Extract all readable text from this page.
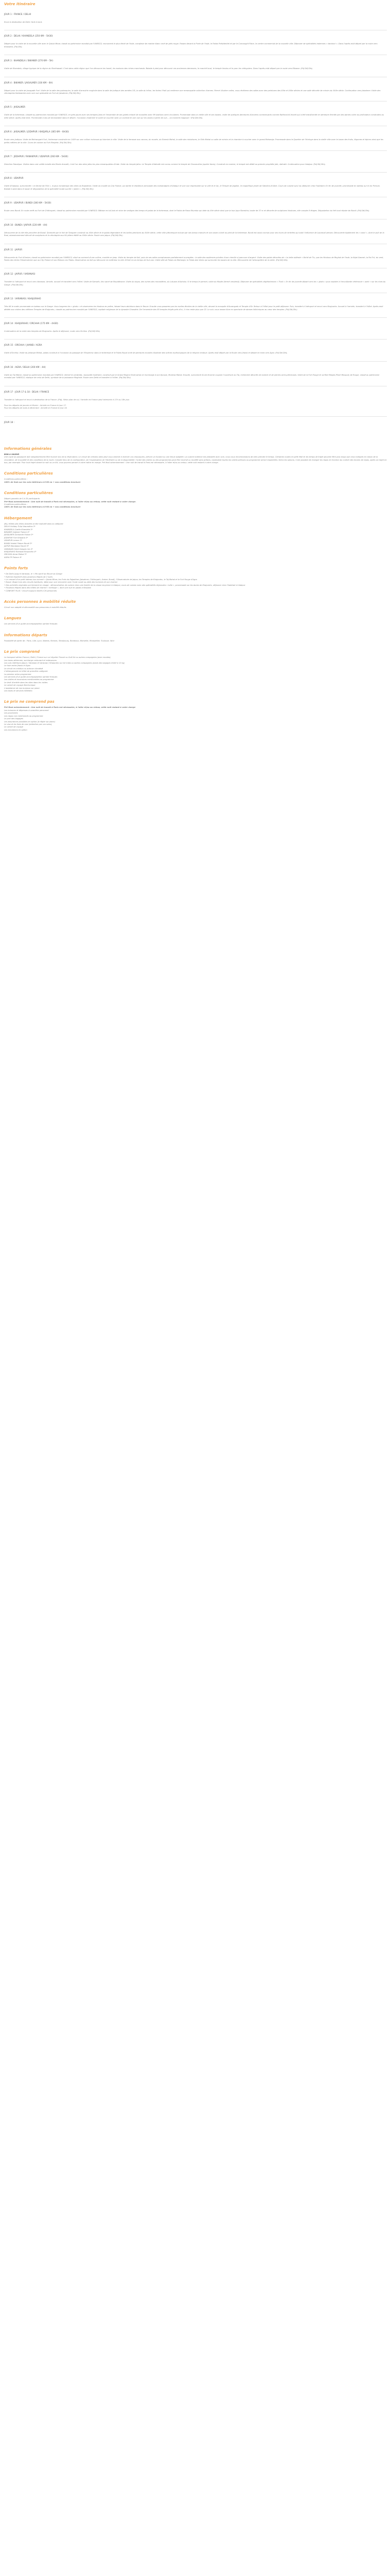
Votre itinéraire
JOUR 1 : FRANCE / DELHI

Envol à destination de Delhi. Nuit à bord.

JOUR 2 : DELHI / KHANDELA (250 KM – 5H30)

Départ pour la visite de la nouvelle ville avec le Qutub Minar, classé au patrimoine mondial par l'UNESCO, monument le plus élevé de l'Inde, complexe de marbre blanc orné de grès rouge. Passez devant la Porte de l'Inde, le Palais Présidentiel et par le Connaught Place, le centre commercial de la nouvelle ville. Déjeuner de spécialités indiennes « tandoori ». Dans l'après-midi départ par la route vers Khandela. (Pdj Dîn).

JOUR 3 : KHANDELA / BIKANER (270 KM – 5H)

Visite de Khandela, village typique de la région du Shekhawati. C'est dans cette région que l'on découvre les haveli, les maisons des riches marchands. Balade à pied pour découvrir ces anciennes demeures, le marché local, le temple hindou et le parc les chéoguiers. Dans l'après-midi départ par la route vers Bikaner. (Pdj Déj Dîn).

JOUR 4 : BIKANER / JAISALMER (330 KM – 6H)

Départ pour la visite de Junagadh Fort. Visite de la salle des palanquins, la salle d'armoirie moghole dans la salle de Jodhpuri des armées 1SI, la salle du trône, les fortes l'Hall qui renferme une remarquable collection d'armes. Pierre! illustrer celles, vous révèlerez des salles avec des peintures des XVIe et XVIIe siècles et une salle décorée de miroirs du XVIIe siècle. Continuation vers Jaisalmer. Visite des cénotaphes Kalabambe avec une vue splendide du Fort de Jaisalmer. (Pdj Déj Dîn).

JOUR 5 : JAISALMER

Visite de la forteresse, classée au patrimoine mondial par l'UNESCO, en grès jaune avec ses temples Jains et l'ensemble de ses galets enlacé de murailles avec 99 bastions semi circulaires. Promenade dans la vieille ville et ses bazars, visite de quelques demeures d'anciens commerçants comme Nathmal-Ki-Haveli qui a été transformée en demeure fermée par des dames votre au profondeur construites au XIXe siècle. Après-midi libre. Promenade à dos de dromadaire dans le désert. l'occasion d'admirer le soleil se coucher avec un cocktail et une vue sur les dunes à perte de vue… un moment magique ! (Pdj Déj Dîn).

JOUR 6 : JAISALMER / JODHPUR / KHEJARLA (365 KM – 6H30)

Route vers Jodhpur. Visite de Mehrangarh Fort, forteresse construite en 1459 sur une colline rocheuse qui domine la ville. Visite de la terrasse aux canons, du musée, du Sheesh Mahal, la salle des miniatures, le Shih Mahal ou salle de miroirs et la chambre à coucher avec le grand Maharaja. Promenade dans le Quartier de l'Horloge dans la vieille ville avec le bazar des fruits, légumes et épices ainsi que les petits métiers de la ville. Cours de cuisine au Fort Khejarla. (Pdj Déj Dîn).

JOUR 7 : JODHPUR / RANAKPUR / UDAIPUR (260 KM – 5H30)

Direction Ranakpur. Visitez dans une vallée boisée des Monts Aravalli, c'est l'un des sites jaïns les plus remarquables d'Inde. Visite du temple Jaïns. Le Temple d'Adinath est connu comme le temple de Chaumukha (quatre faces). Construit en marbre, le temple est dédié au premier prophète Jaïn, Adinath. Continuation pour Udaipur. (Pdj Déj Dîn).

JOUR 8 : UDAIPUR

Visite d'Udaipur, surnommée « la Venise de l'Est », la plus romantique des villes du Rajasthan. Visite du musée du City Palace, qui abrite le résidence principale des maharadjahs d'Udaipur et une vue imprenable sur la ville et le lac, le Temple de Jagdish, le magnifique jardin de Sahelion-Ki-Bari. Cours de cuisine suivi du déjeuner chez l'habitant. En fin de journée, promenade en bateau sur le lac Pichola. Balade à pied dans le bazar et dégustation de la spécialité locale sucrée « Jalebi ». (Pdj Déj Dîn).

JOUR 9 : UDAIPUR / BUNDI (300 KM – 5H30)

Route vers Bundi. En route arrêt au Fort de Chittorgarh, classé au patrimoine mondial par l'UNESCO. Bâtisse en tuf-bois et riche de vestiges des temps et palais de la forteresse, dont le Palais de Rana Khumba qui date du XVe siècle ainsi que la tour Jaya Stambha, haute de 37 m et décorée de sculptures hindoues, elle compte 8 étages. Dégustation du thé local répute de Bundi. (Pdj Déj Dîn).

JOUR 10 : BUNDI / JAIPUR (220 KM – 4H)

Découverte de la cité elle-princière de Bundi. Dominée par le fort de Taragarh construit au XIVe siècle et le palais légendaire et les belles peintures du XVIIe siècle, cette ville pittoresque incluse par ses beaux manoirs et son bazar coloré au pied de la forteresse. Bundi est aussi connue pour ses rivors de rentrées qui sobtl l'influence de Lauravali persan. Découverte également les « baori », dont le puit de la Raai, abandonnement décoré de sculptures et la cénotaphe aux 84 piliers édifié au XVIIe siècle. Route vers Jaipur. (Pdj Déj Dîn).

JOUR 11 : JAIPUR

Découverte du Fort d'Amber, classé au patrimoine mondial par l'UNESCO, situé au sommet d'une colline, montée en jeep. Visite du temple de Kali, puis de ses salles somptueuses parfaitement ouvragées : la salle des audiences privées d'une cheville si parcoure d'argent. Visite des palais décorées de « la belle sidérale » fâché de Tlo, que les Hindous de Mughal de l'Inde, la Kajal Ganesh, la Roi Pol, du vent, Palais des Vents l'Observatoire que au City Palace et son Maison Les Palais. Observation du fait qui découvre en extérieur la ville d'Oreil en du temps de Surs dur. Visite dite de Palais du Maharaja, le Palais des Vents qui surmonte les bazars de la ville. Découverte de l'atmosphère de la veille. (Pdj Déj Dîn).

JOUR 12 : JAIPUR / VARANASI

Transfert à l'aéroport et envol vers Varanasi. Arrivée, accueil et transfert vers l'hôtel. Visite de Sarnath, lieu sacré de Bouddhisme. Visite du stupa, des ruines des monastères, du Lotuses d'Ashoka. Si le temps le permet, visite du Musée (fermé vendredi). Déjeuner de spécialités végétariennes « Thali ». En fin de journée départ vers les « ghats » pour assister à l'envoûtante cérémonie « aarti » sur les rives du Gange. (Pdj Déj Dîn).

JOUR 13 : VARANASI / KHAJURAHO

Très tôt le matin promenade en bateau sur le Gange. Vous longerez les « ghats » et observerez les hindous en prière, faisant leurs ablutions dans le fleuve. Ensuite vous passerez par les ruelles étroites de la vieille ville, devant la mosquée d'Aurangzeb et Temple d'Or. Retour à l'hôtel pour le petit-déjeuner. Puis, transfert à l'aéroport et envol vers Khajuraho. Accueil à l'arrivée, transfert à l'hôtel. Après-midi dédiée aux visites des célèbres Temples de Khajuraho, classés au patrimoine mondial par l'UNESCO, capitale religieuse de la dynastie Chandela. De l'ensemble des 85 temples érigés près d'ici, il n'en reste plus que 22. Le soir, vous rassez libre en spectacle de danses folkloriques au cœur des temples. (Pdj Déj Dîn).

JOUR 14 : KHAJURAHO / ORCHHA (175 KM – 4H30)

Continuation de la visite des temples de Khajuraho. Après le déjeuner, route vers Orchha. (Pdj Déj Dîn).

JOUR 15 : ORCHHA / JHANSI / AGRA

Visite d'Orchha. Visite du Jahangir Mahal, palais construit à l'occasion du passage de l'Empereur dans la forteresse et le Palais Rayal orné de peintures murales illustrant des scènes mythologiques de la religion hindoue. Après-midi départ par la Route vers Jhansi et départ en train vers Agra. (Pdj Déj Dîn).

JOUR 16 : AGRA / DELHI (200 KM – 4H)

Visite du Taj Mahal, classé au patrimoine mondial par l'UNESCO, (fermé le vendredi), mausolée funéraire, construit par le Grand Moghol Shah Jahan en hommage à son épouse, Mumtaz Mahal. Ensuite, surnommé d'une énorme coupole l'ouverture au Taj, richement décorée de marbre et de pierres semi-précieuses. Visite de la Fort Rouge et sa Moti Masjid (Pearl Mosque) de Rouge, classé au patrimoine mondial par l'UNESCO, réplique de celui de Delhi, symbole de la puissance Moghole. Route vers Delhi et transfert à l'hôtel. (Pdj Déj Dîn).

JOUR 17 : JOUR 17 & 18 : DELHI / FRANCE

Transfert à l'aéroport et envol à destination de la France. (Pdj). Selon plan de vol, l'arrivée en France peut intervenir à 17h ou 18h jour.

Pour les départs de janvier et février : Arrivée en France le Jour 17.

Pour les départs de mars à décembre : Arrivée en France le Jour 18.

JOUR 18 :

Informations générales

BON A SAVOIR

Une copie du passeport doit obligatoirement être fournie lors de la réservation. Le circuit de certains sites peut vous amener à enlever vos chaussures, prévoir un foulard ou une tenue adaptée. La cuisine indienne est préparée avec soin, nous vous recommandons de bien prendre le temps. Certaines routes en petit état et les temps de trajet peuvent être plus longs que ceux indiqués en raison de la circulation, de la qualité et des conditions de la route. Compte tenu de la configuration, de l'organisation de l'itinéraire ou de la disponibilité, l'ordre des visites ou des programmes peut être inversé ou modifié sans préavis, cependant toutes les visites prévues au programme seront respectées. Selon les saisons, il est possible de changer les repas en fonction du confort des heures de repas, après un trajet en bus, par exemple. Pour tout trajet durant la nuit ou un tôt, vous pourrez penser à votre traîne en marge. Pré-final acheminement : Une nuit de transit à Paris est nécessaire, à l'aller et/ou au retour, cette nuit restant à votre charge.

Conditions particulières

Conditions particulières :

100% de frais sur les vols intérieurs à 0-60 nn + nos conditions brochure

Conditions particulières

Départ garantis de 5 à 20 participants

Pré-final acheminement : Une nuit de transit à Paris est nécessaire, à l'aller et/ou au retour, cette nuit restant à votre charge.

Conditions particulières :

100% de frais sur les vols intérieurs à 0-60 nn + nos conditions brochure

Hébergement

(NL) Hôtels des Villes données à titre indicatif dans la catégorie

DELHI Holiday Tulip Vasundhra 3*

KHANDELA Castle Khandela 3*

BIKANER Gajkeer Palace 4*

JAISALMER Gorbandh Palace 3*

JODHPUR Fort Khejarla 3*

UDAIPUR Lemon 3*

BUNDI Hadoti Palace Bundi 3*

JAIPUR Mandawa Haveli 3*

VARANASI Hotel Ganges inn 4*

KHAJURAHO Ramada Khajuraho 4*

ORCHHA Amar Mahal 3*

AGRA PS Palace 4*

Points forts

• De Delhi jusqu'à Varanasi, le « fifo sacré du fleuve du Gange

• Rythme équilibré dans plusieurs étapes de 2 nuits

• Le creuset d'un petit bateau bus nommé « Qutab Minar, les Forts du Rajasthan (Jaisalmer, Chittorgarh, Amber, Bundi), l'Observatoire de Jaipur, les Temples de Khajuraho, le Taj Mahal et le Fort Rouge d'Agra

• Bundi, étape hors des circuits habituels, idéal pour une rencontre avec l'Inde rurale au-delà des hommes et son charme

• Des activités originales qui tiennent en visage : démonstration de cuisine chez une famille de la classe moyenne à Udaipur, cours de cuisine avec des spécialités régionales « lutte », promenade sur les dunes de Khajuraho, déjeuner chez l'habitant à Udaipur

• Plusieurs étapes dans des hôtels de charme « heritage », dont une nuit en palais à Khejarla

• CONFORT PLUS ! circuit toujours limité à 20 personnes

Accès personnes à mobilité réduite

Circuit non adapté et déconseillé aux personnes à mobilité réduite.

Langues

Les services d'un guide accompagnateur parlant français

Informations départs

Possibilité de partir de : Paris, Lille, Lyon, Nantes, Rennes, Strasbourg, Bordeaux, Marseille, Montpellier, Toulouse, Nice

Le prix comprend

Le transport aérien France / Delhi / France sur vol régulier Finnair ou Gulf Air ou autres compagnies (avec escales)

Les taxes aériennes, surcharge carburant et redevances

Les vols intérieurs Jaipur / Varanasi et Varanasi / Khajuraho sur Air India ou autres compagnies (poids des bagages limité à 15 kg)

Le train entre Jhansi et Agra

Le circuit en minibus ou autocar climatisé

L'hébergement en hôtel de première catégorie

La pension selon programme

Les services d'un guide accompagnateur parlant français

Les visites et excursions mentionnées au programme

Le droit d'entrée dans les sites dans les visites

Le carnet de voyage électronique

L'assistance de nos bureaux sur place

Les taxes et services hôteliers

Le prix ne comprend pas

Pré-final acheminement : Une nuit de transit à Paris est nécessaire, à l'aller et/ou au retour, cette nuit restant à votre charge

Les boissons et dépenses à caractère personnel

Les pourboires

Les repas non mentionnés au programme

Le port des bagages

Les assurances possibles en option (à régler sur place)

Le visa et les frais de visa (obtention par vos soins)

Le carnet de voyage

Les excursions en option
